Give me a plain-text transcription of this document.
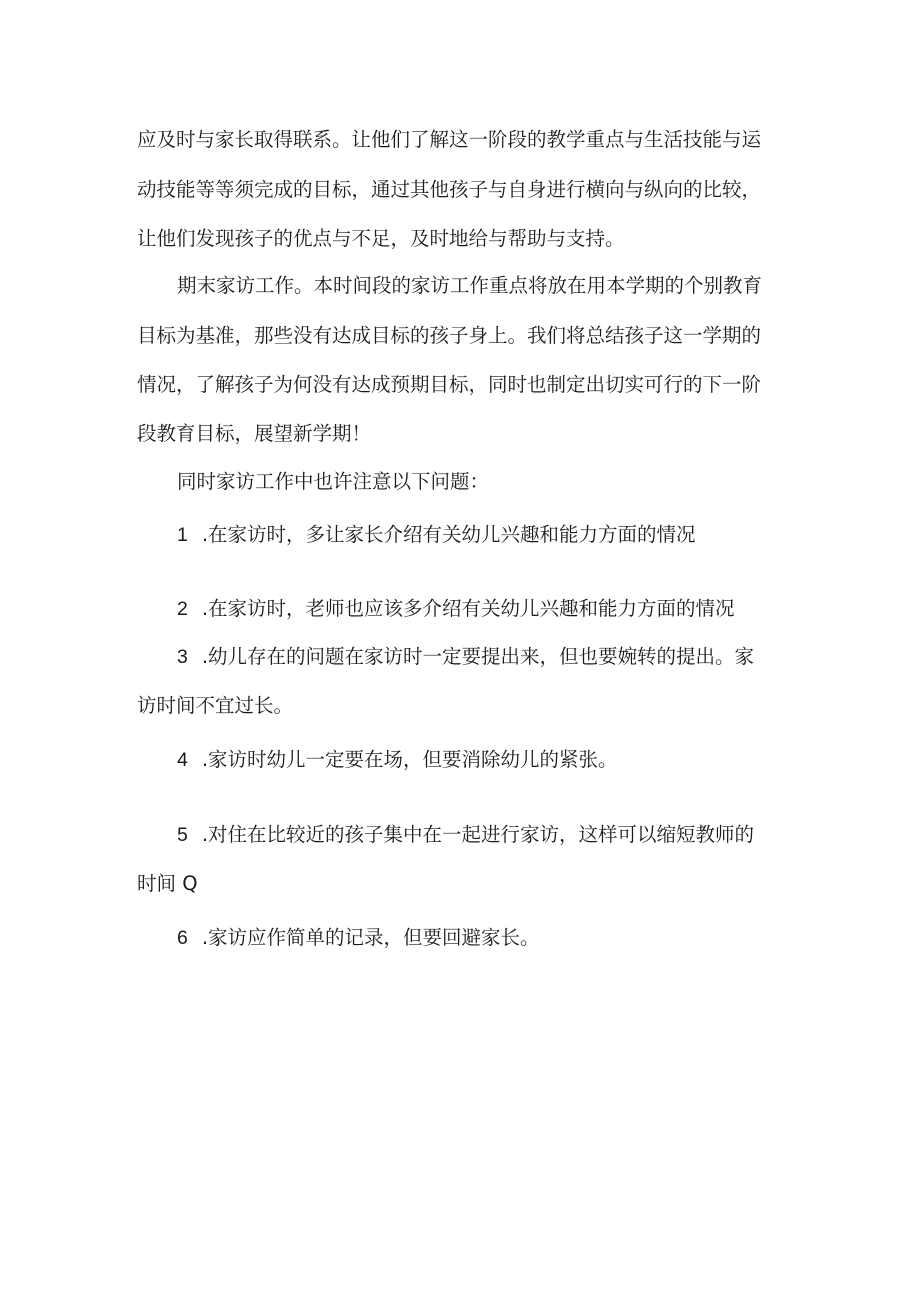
应及时与家长取得联系。让他们了解这一阶段的教学重点与生活技能与运
动技能等等须完成的目标，通过其他孩子与自身进行横向与纵向的比较，
让他们发现孩子的优点与不足，及时地给与帮助与支持。
期末家访工作。本时间段的家访工作重点将放在用本学期的个别教育
目标为基准，那些没有达成目标的孩子身上。我们将总结孩子这一学期的
情况，了解孩子为何没有达成预期目标，同时也制定出切实可行的下一阶
段教育目标，展望新学期！
同时家访工作中也许注意以下问题：
1 .在家访时，多让家长介绍有关幼儿兴趣和能力方面的情况
2 .在家访时，老师也应该多介绍有关幼儿兴趣和能力方面的情况
3 .幼儿存在的问题在家访时一定要提出来，但也要婉转的提出。家
访时间不宜过长。
4 .家访时幼儿一定要在场，但要消除幼儿的紧张。
5 .对住在比较近的孩子集中在一起进行家访，这样可以缩短教师的
时间 Q
6 .家访应作简单的记录，但要回避家长。
